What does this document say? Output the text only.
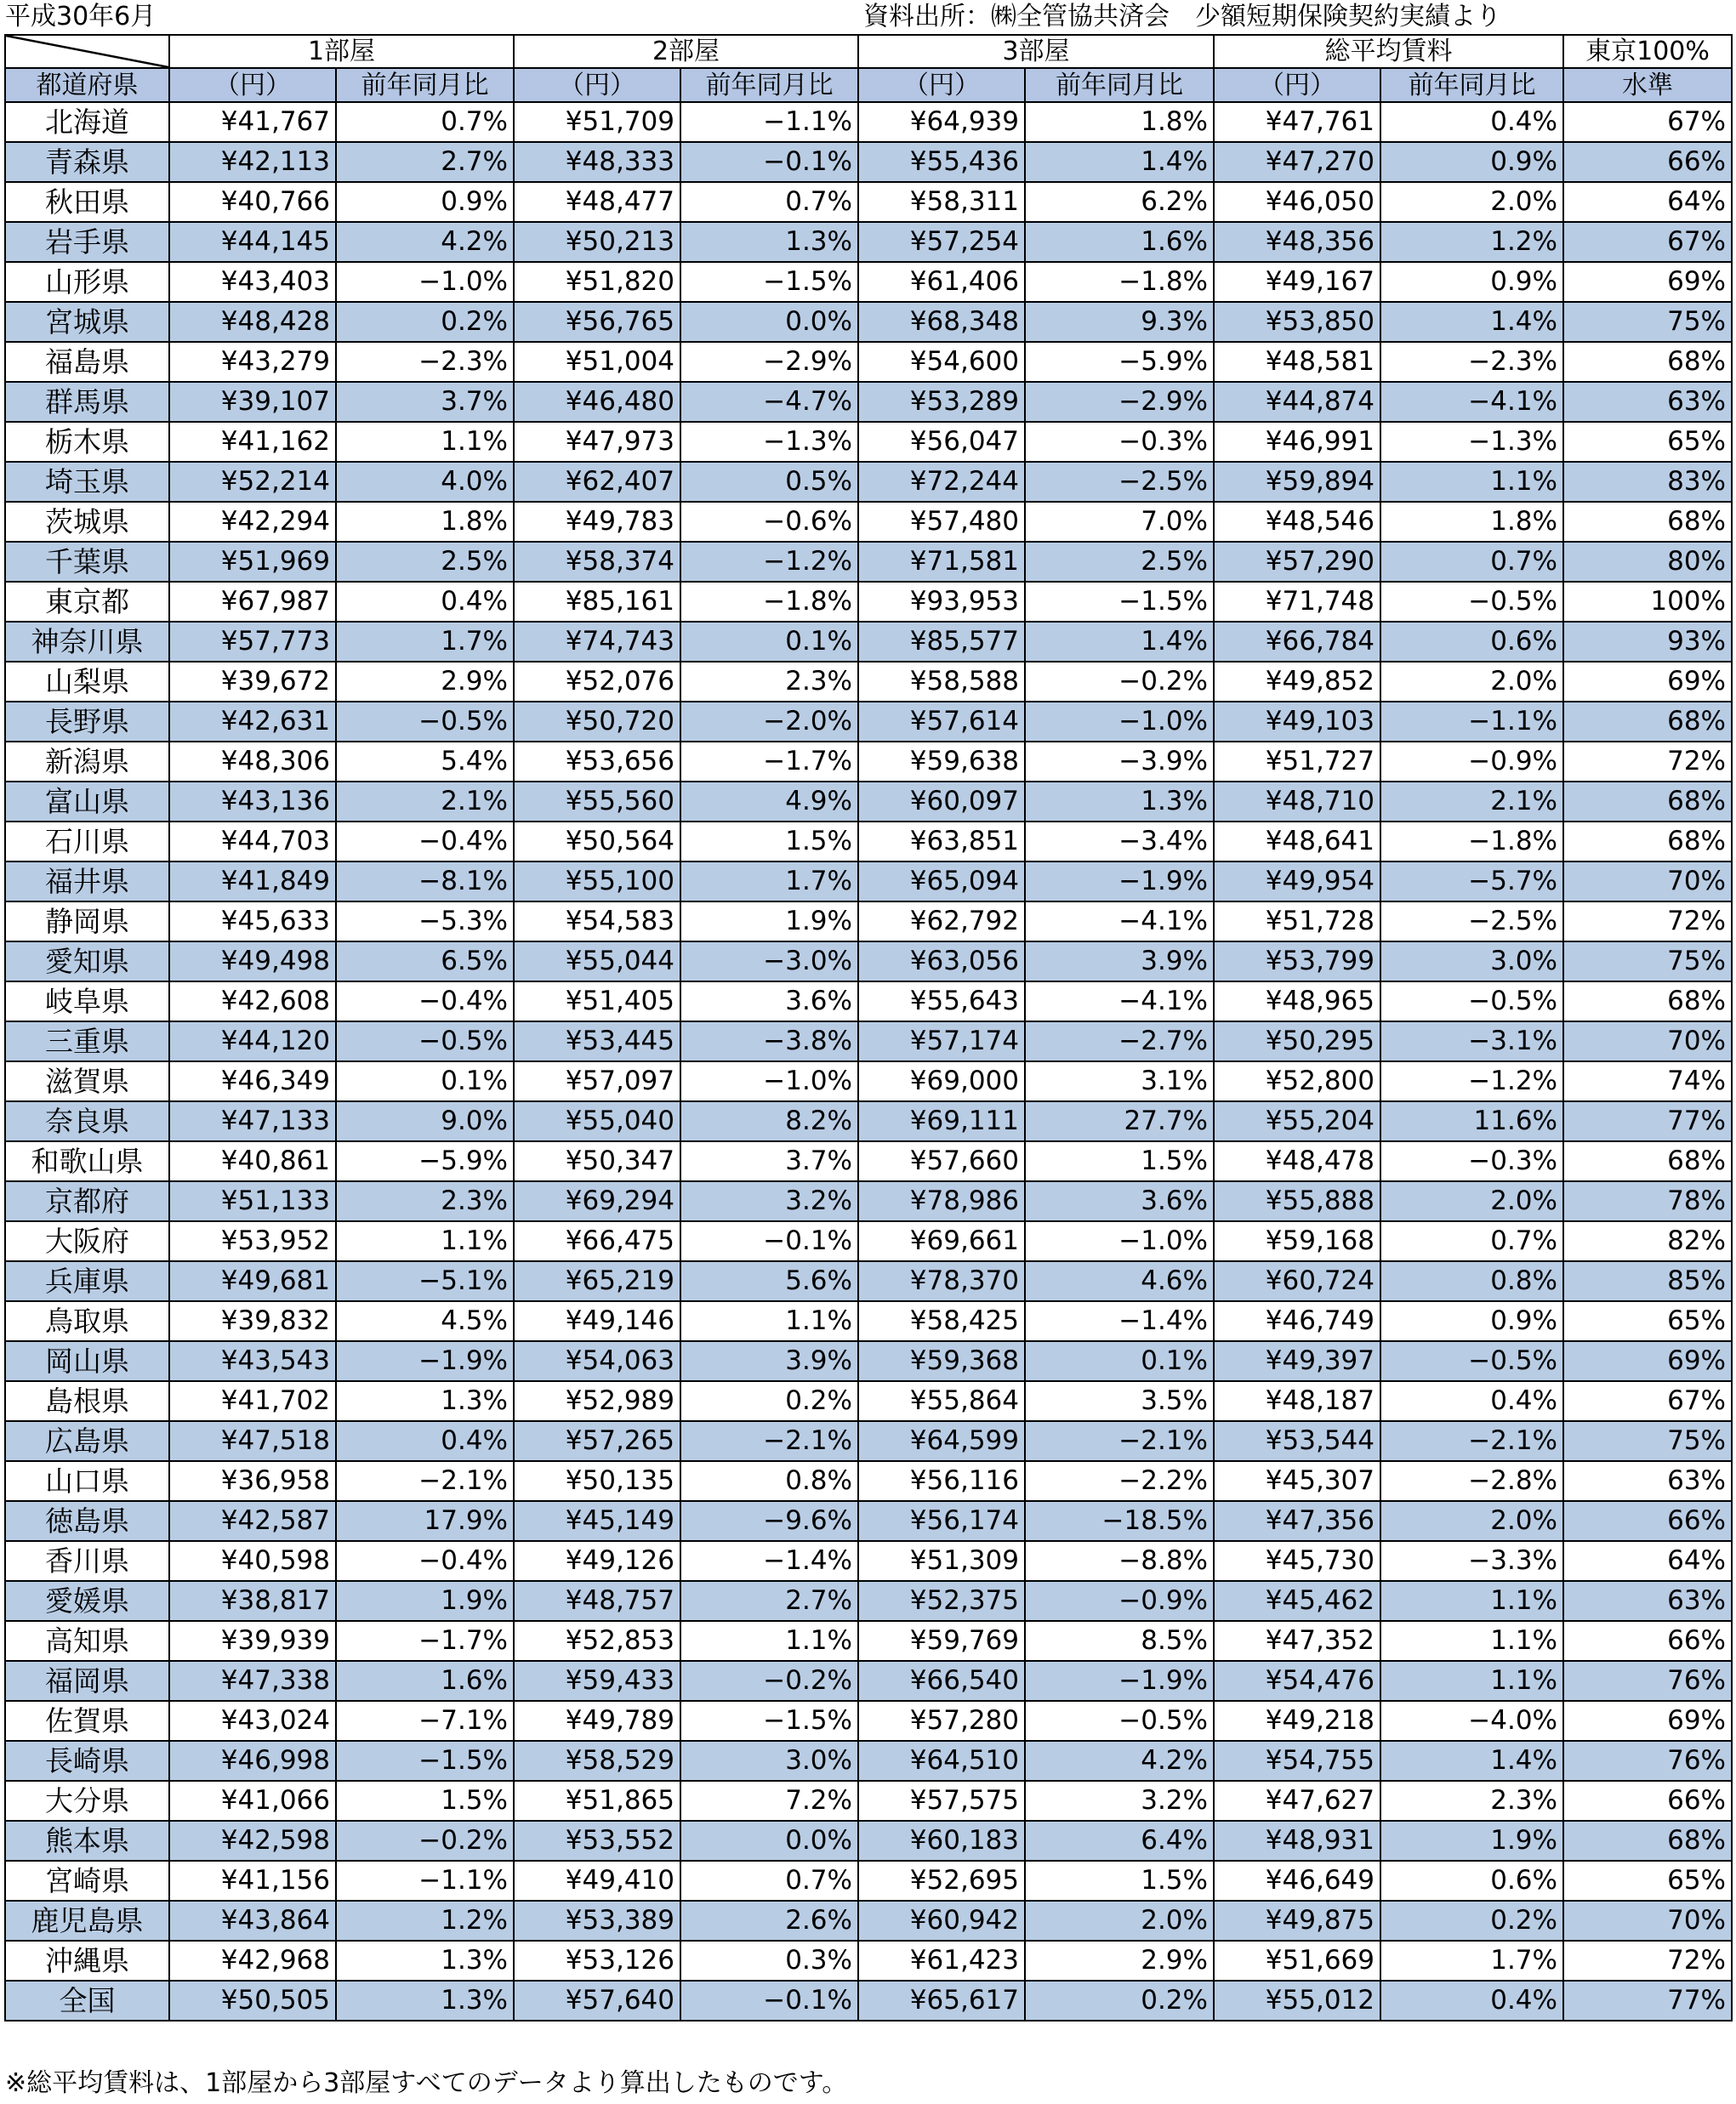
平成30年6月	資料出所：㈱全管協共済会　少額短期保険契約実績より
	1部屋		2部屋		3部屋		総平均賃料		東京100%
都道府県	（円）	前年同月比	（円）	前年同月比	（円）	前年同月比	（円）	前年同月比	水準
北海道	¥41,767	0.7%	¥51,709	−1.1%	¥64,939	1.8%	¥47,761	0.4%	67%
青森県	¥42,113	2.7%	¥48,333	−0.1%	¥55,436	1.4%	¥47,270	0.9%	66%
秋田県	¥40,766	0.9%	¥48,477	0.7%	¥58,311	6.2%	¥46,050	2.0%	64%
岩手県	¥44,145	4.2%	¥50,213	1.3%	¥57,254	1.6%	¥48,356	1.2%	67%
山形県	¥43,403	−1.0%	¥51,820	−1.5%	¥61,406	−1.8%	¥49,167	0.9%	69%
宮城県	¥48,428	0.2%	¥56,765	0.0%	¥68,348	9.3%	¥53,850	1.4%	75%
福島県	¥43,279	−2.3%	¥51,004	−2.9%	¥54,600	−5.9%	¥48,581	−2.3%	68%
群馬県	¥39,107	3.7%	¥46,480	−4.7%	¥53,289	−2.9%	¥44,874	−4.1%	63%
栃木県	¥41,162	1.1%	¥47,973	−1.3%	¥56,047	−0.3%	¥46,991	−1.3%	65%
埼玉県	¥52,214	4.0%	¥62,407	0.5%	¥72,244	−2.5%	¥59,894	1.1%	83%
茨城県	¥42,294	1.8%	¥49,783	−0.6%	¥57,480	7.0%	¥48,546	1.8%	68%
千葉県	¥51,969	2.5%	¥58,374	−1.2%	¥71,581	2.5%	¥57,290	0.7%	80%
東京都	¥67,987	0.4%	¥85,161	−1.8%	¥93,953	−1.5%	¥71,748	−0.5%	100%
神奈川県	¥57,773	1.7%	¥74,743	0.1%	¥85,577	1.4%	¥66,784	0.6%	93%
山梨県	¥39,672	2.9%	¥52,076	2.3%	¥58,588	−0.2%	¥49,852	2.0%	69%
長野県	¥42,631	−0.5%	¥50,720	−2.0%	¥57,614	−1.0%	¥49,103	−1.1%	68%
新潟県	¥48,306	5.4%	¥53,656	−1.7%	¥59,638	−3.9%	¥51,727	−0.9%	72%
富山県	¥43,136	2.1%	¥55,560	4.9%	¥60,097	1.3%	¥48,710	2.1%	68%
石川県	¥44,703	−0.4%	¥50,564	1.5%	¥63,851	−3.4%	¥48,641	−1.8%	68%
福井県	¥41,849	−8.1%	¥55,100	1.7%	¥65,094	−1.9%	¥49,954	−5.7%	70%
静岡県	¥45,633	−5.3%	¥54,583	1.9%	¥62,792	−4.1%	¥51,728	−2.5%	72%
愛知県	¥49,498	6.5%	¥55,044	−3.0%	¥63,056	3.9%	¥53,799	3.0%	75%
岐阜県	¥42,608	−0.4%	¥51,405	3.6%	¥55,643	−4.1%	¥48,965	−0.5%	68%
三重県	¥44,120	−0.5%	¥53,445	−3.8%	¥57,174	−2.7%	¥50,295	−3.1%	70%
滋賀県	¥46,349	0.1%	¥57,097	−1.0%	¥69,000	3.1%	¥52,800	−1.2%	74%
奈良県	¥47,133	9.0%	¥55,040	8.2%	¥69,111	27.7%	¥55,204	11.6%	77%
和歌山県	¥40,861	−5.9%	¥50,347	3.7%	¥57,660	1.5%	¥48,478	−0.3%	68%
京都府	¥51,133	2.3%	¥69,294	3.2%	¥78,986	3.6%	¥55,888	2.0%	78%
大阪府	¥53,952	1.1%	¥66,475	−0.1%	¥69,661	−1.0%	¥59,168	0.7%	82%
兵庫県	¥49,681	−5.1%	¥65,219	5.6%	¥78,370	4.6%	¥60,724	0.8%	85%
鳥取県	¥39,832	4.5%	¥49,146	1.1%	¥58,425	−1.4%	¥46,749	0.9%	65%
岡山県	¥43,543	−1.9%	¥54,063	3.9%	¥59,368	0.1%	¥49,397	−0.5%	69%
島根県	¥41,702	1.3%	¥52,989	0.2%	¥55,864	3.5%	¥48,187	0.4%	67%
広島県	¥47,518	0.4%	¥57,265	−2.1%	¥64,599	−2.1%	¥53,544	−2.1%	75%
山口県	¥36,958	−2.1%	¥50,135	0.8%	¥56,116	−2.2%	¥45,307	−2.8%	63%
徳島県	¥42,587	17.9%	¥45,149	−9.6%	¥56,174	−18.5%	¥47,356	2.0%	66%
香川県	¥40,598	−0.4%	¥49,126	−1.4%	¥51,309	−8.8%	¥45,730	−3.3%	64%
愛媛県	¥38,817	1.9%	¥48,757	2.7%	¥52,375	−0.9%	¥45,462	1.1%	63%
高知県	¥39,939	−1.7%	¥52,853	1.1%	¥59,769	8.5%	¥47,352	1.1%	66%
福岡県	¥47,338	1.6%	¥59,433	−0.2%	¥66,540	−1.9%	¥54,476	1.1%	76%
佐賀県	¥43,024	−7.1%	¥49,789	−1.5%	¥57,280	−0.5%	¥49,218	−4.0%	69%
長崎県	¥46,998	−1.5%	¥58,529	3.0%	¥64,510	4.2%	¥54,755	1.4%	76%
大分県	¥41,066	1.5%	¥51,865	7.2%	¥57,575	3.2%	¥47,627	2.3%	66%
熊本県	¥42,598	−0.2%	¥53,552	0.0%	¥60,183	6.4%	¥48,931	1.9%	68%
宮崎県	¥41,156	−1.1%	¥49,410	0.7%	¥52,695	1.5%	¥46,649	0.6%	65%
鹿児島県	¥43,864	1.2%	¥53,389	2.6%	¥60,942	2.0%	¥49,875	0.2%	70%
沖縄県	¥42,968	1.3%	¥53,126	0.3%	¥61,423	2.9%	¥51,669	1.7%	72%
全国	¥50,505	1.3%	¥57,640	−0.1%	¥65,617	0.2%	¥55,012	0.4%	77%
※総平均賃料は、1部屋から3部屋すべてのデータより算出したものです。
